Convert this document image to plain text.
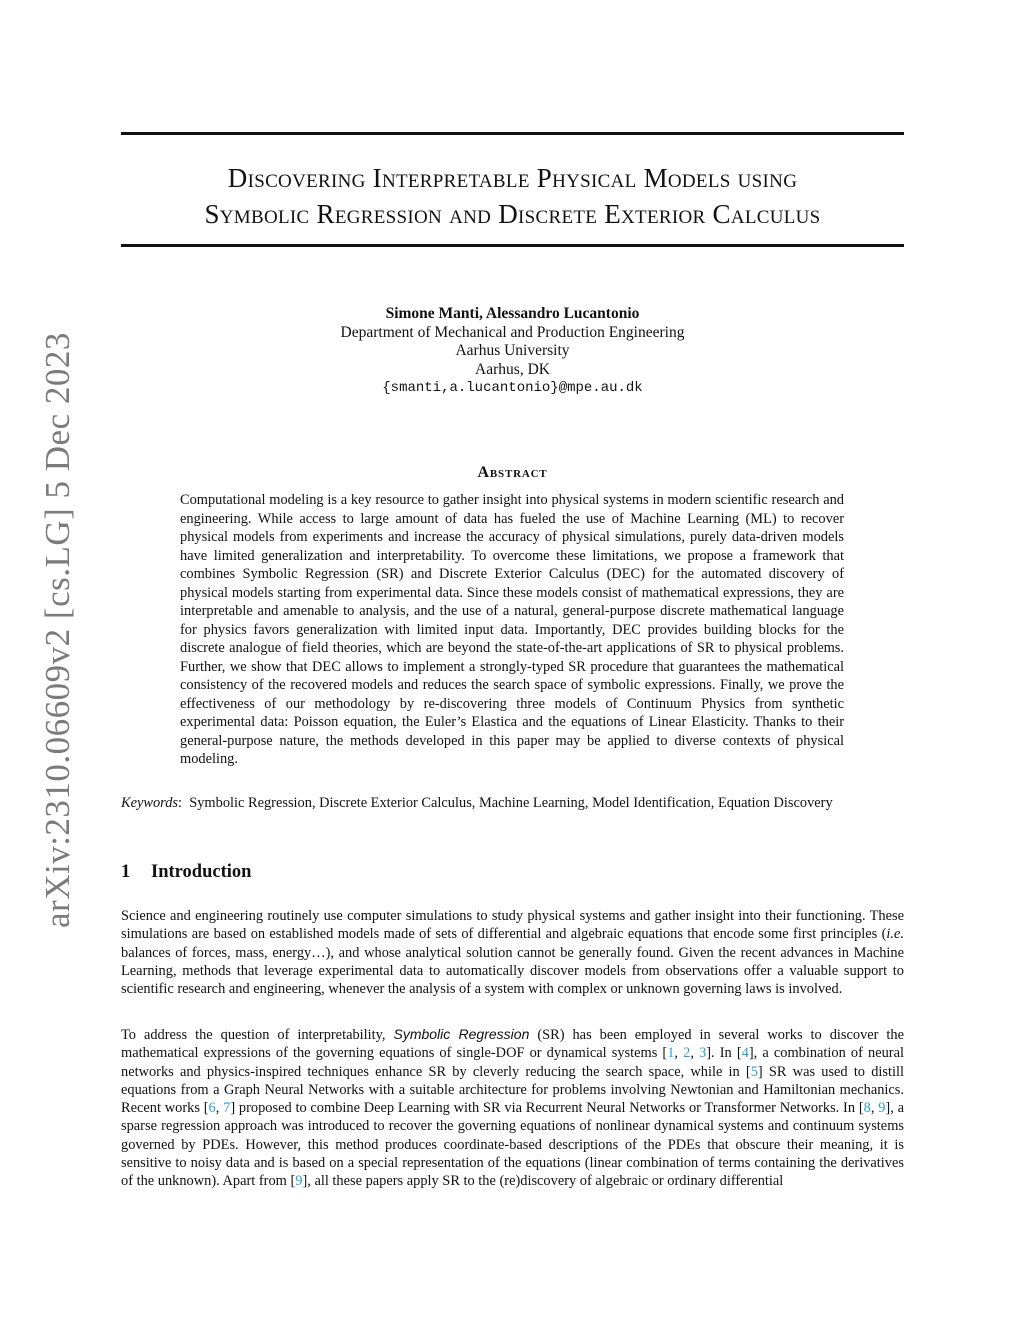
arXiv:2310.06609v2 [cs.LG] 5 Dec 2023
Discovering Interpretable Physical Models using
Symbolic Regression and Discrete Exterior Calculus
Simone Manti, Alessandro Lucantonio
Department of Mechanical and Production Engineering
Aarhus University
Aarhus, DK
{smanti,a.lucantonio}@mpe.au.dk
Abstract

Computational modeling is a key resource to gather insight into physical systems in modern scientific research and engineering. While access to large amount of data has fueled the use of Machine Learning (ML) to recover physical models from experiments and increase the accuracy of physical simulations, purely data-driven models have limited generalization and interpretability. To overcome these limitations, we propose a framework that combines Symbolic Regression (SR) and Discrete Exterior Calculus (DEC) for the automated discovery of physical models starting from experimental data. Since these models consist of mathematical expressions, they are interpretable and amenable to analysis, and the use of a natural, general-purpose discrete mathematical language for physics favors generalization with limited input data. Importantly, DEC provides building blocks for the discrete analogue of field theories, which are beyond the state-of-the-art applications of SR to physical problems. Further, we show that DEC allows to implement a strongly-typed SR procedure that guarantees the mathematical consistency of the recovered models and reduces the search space of symbolic expressions. Finally, we prove the effectiveness of our methodology by re-discovering three models of Continuum Physics from synthetic experimental data: Poisson equation, the Euler’s Elastica and the equations of Linear Elasticity. Thanks to their general-purpose nature, the methods developed in this paper may be applied to diverse contexts of physical modeling.

Keywords:  Symbolic Regression, Discrete Exterior Calculus, Machine Learning, Model Identification, Equation Discovery

1 Introduction

Science and engineering routinely use computer simulations to study physical systems and gather insight into their functioning. These simulations are based on established models made of sets of differential and algebraic equations that encode some first principles (i.e. balances of forces, mass, energy…), and whose analytical solution cannot be generally found. Given the recent advances in Machine Learning, methods that leverage experimental data to automatically discover models from observations offer a valuable support to scientific research and engineering, whenever the analysis of a system with complex or unknown governing laws is involved.

To address the question of interpretability, Symbolic Regression (SR) has been employed in several works to discover the mathematical expressions of the governing equations of single-DOF or dynamical systems [1, 2, 3]. In [4], a combination of neural networks and physics-inspired techniques enhance SR by cleverly reducing the search space, while in [5] SR was used to distill equations from a Graph Neural Networks with a suitable architecture for problems involving Newtonian and Hamiltonian mechanics. Recent works [6, 7] proposed to combine Deep Learning with SR via Recurrent Neural Networks or Transformer Networks. In [8, 9], a sparse regression approach was introduced to recover the governing equations of nonlinear dynamical systems and continuum systems governed by PDEs. However, this method produces coordinate-based descriptions of the PDEs that obscure their meaning, it is sensitive to noisy data and is based on a special representation of the equations (linear combination of terms containing the derivatives of the unknown). Apart from [9], all these papers apply SR to the (re)discovery of algebraic or ordinary differential
